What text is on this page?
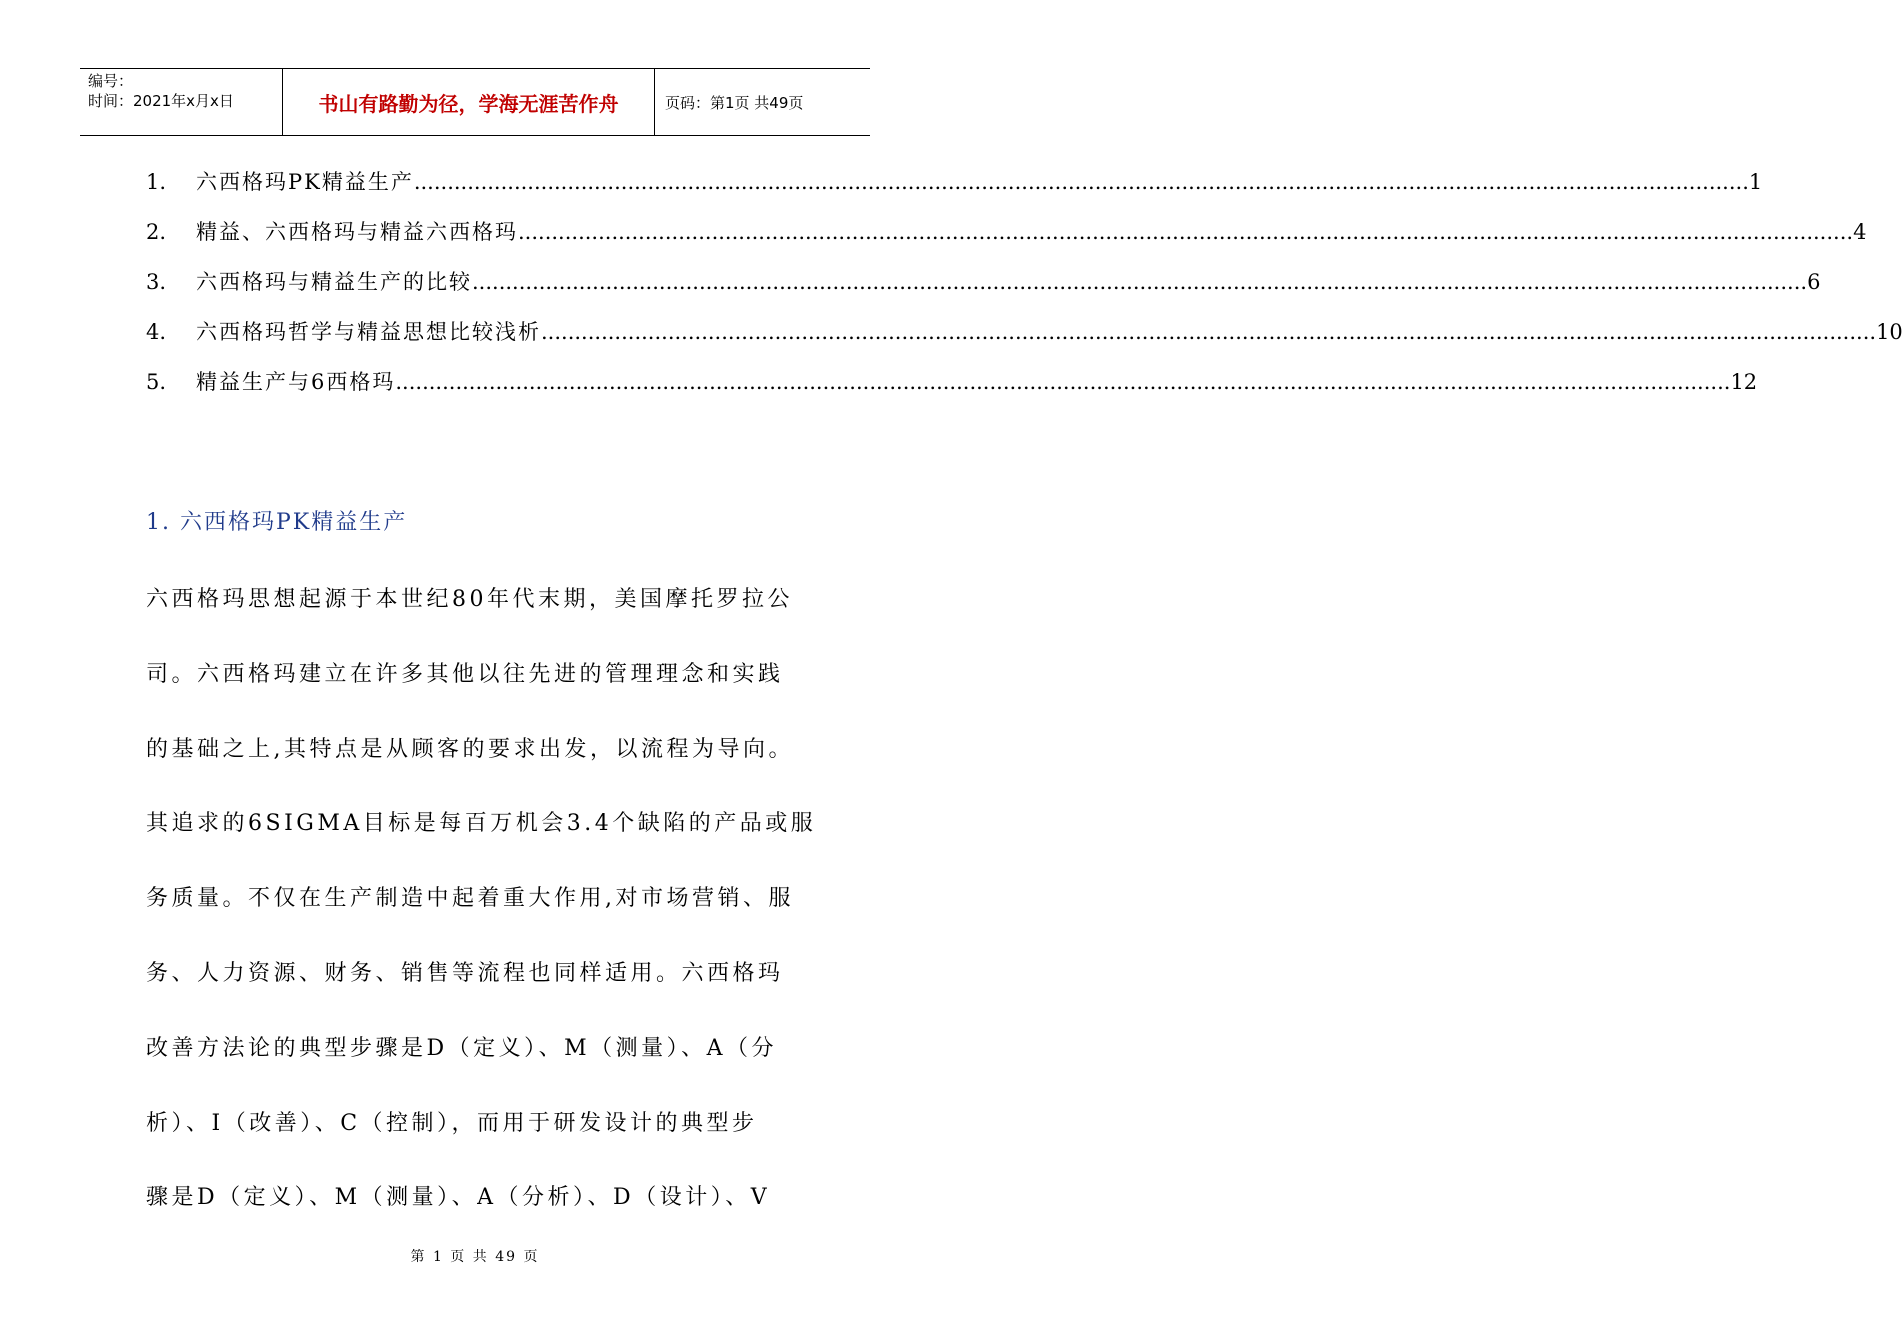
编号：
时间：2021年x月x日	书山有路勤为径，学海无涯苦作舟	页码：第1页 共49页
1.	六西格玛PK精益生产 ........................................................................................................................................................................................................ 1
2.	精益、六西格玛与精益六西格玛 ........................................................................................................................................................................................................ 4
3.	六西格玛与精益生产的比较 ........................................................................................................................................................................................................ 6
4.	六西格玛哲学与精益思想比较浅析 ........................................................................................................................................................................................................ 10
5.	精益生产与6西格玛 ........................................................................................................................................................................................................ 12
1. 六西格玛PK精益生产
六西格玛思想起源于本世纪80年代末期，美国摩托罗拉公
司。六西格玛建立在许多其他以往先进的管理理念和实践
的基础之上,其特点是从顾客的要求出发，以流程为导向。
其追求的6SIGMA目标是每百万机会3.4个缺陷的产品或服
务质量。不仅在生产制造中起着重大作用,对市场营销、服
务、人力资源、财务、销售等流程也同样适用。六西格玛
改善方法论的典型步骤是D（定义）、M（测量）、A（分
析）、I（改善）、C（控制），而用于研发设计的典型步
骤是D（定义）、M（测量）、A（分析）、D（设计）、V
第 1 页 共 49 页
